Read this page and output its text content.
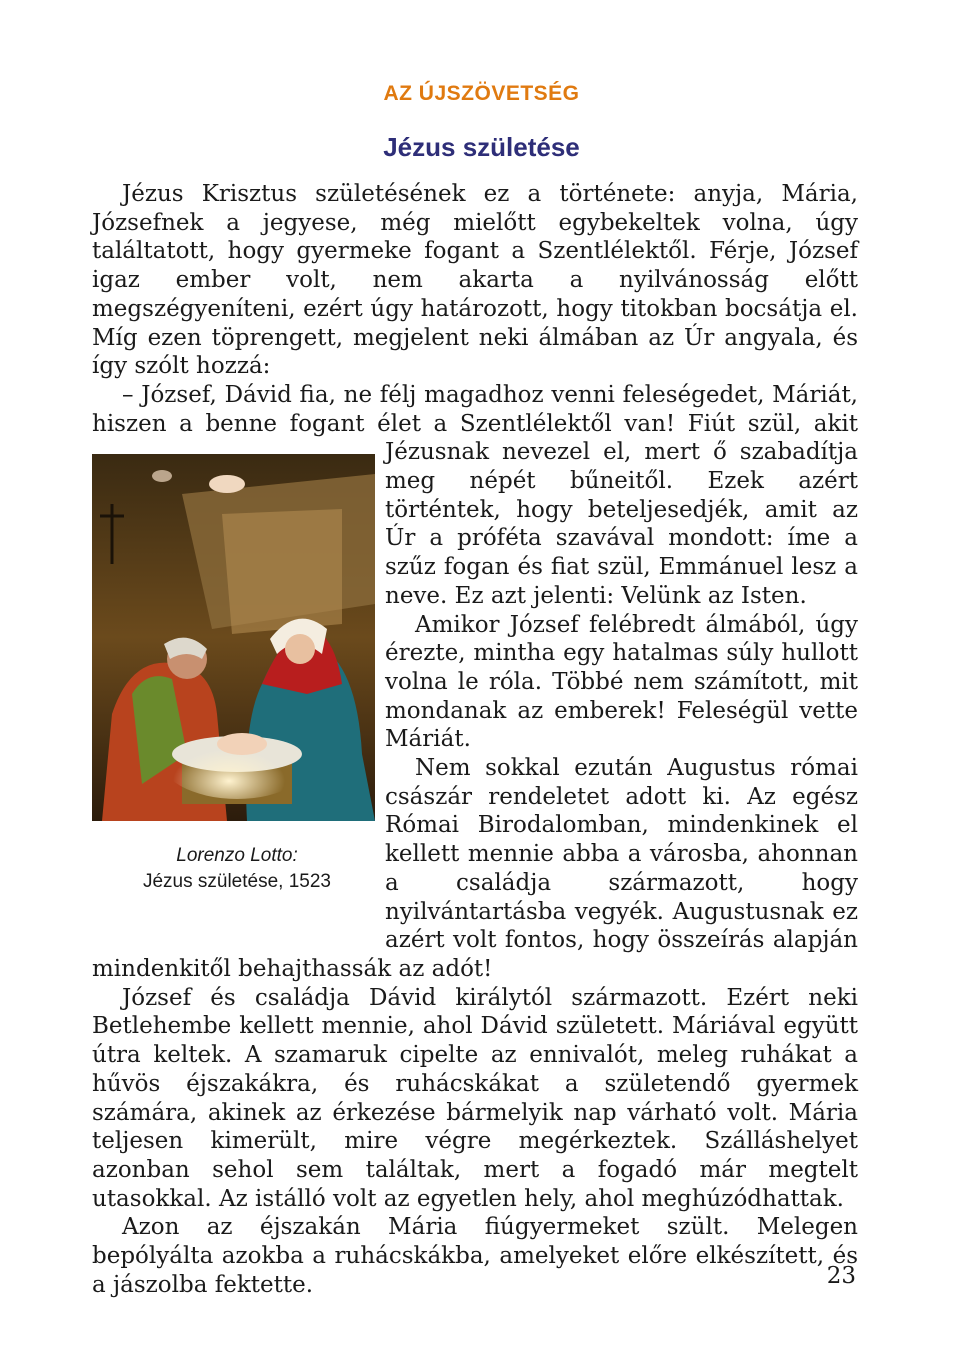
AZ ÚJSZÖVETSÉG
Jézus születése

Jézus Krisztus születésének ez a története: anyja, Mária, Józsefnek a jegyese, még mielőtt egybekeltek volna, úgy találtatott, hogy gyermeke fogant a Szentlélektől. Férje, József igaz ember volt, nem akarta a nyilvánosság előtt megszégyeníteni, ezért úgy határozott, hogy titokban bocsátja el. Míg ezen töprengett, megjelent neki álmában az Úr angyala, és így szólt hozzá:

– József, Dávid fia, ne félj magadhoz venni feleségedet, Máriát, hiszen a benne fogant élet a Szentlélektől van! Fiút szül, akit
Lorenzo Lotto:
Jézus születése, 1523
Jézusnak nevezel el, mert ő szabadítja meg népét bűneitől. Ezek azért történtek, hogy beteljesedjék, amit az Úr a próféta szavával mondott: íme a szűz fogan és fiat szül, Emmánuel lesz a neve. Ez azt jelenti: Velünk az Isten.

Amikor József felébredt álmából, úgy érezte, mintha egy hatalmas súly hullott volna le róla. Többé nem számított, mit mondanak az emberek! Feleségül vette Máriát.

Nem sokkal ezután Augustus római császár rendeletet adott ki. Az egész Római Birodalomban, mindenkinek el kellett mennie abba a városba, ahonnan a családja származott, hogy nyilvántartásba vegyék. Augustusnak ez azért volt fontos, hogy összeírás alapján mindenkitől behajthassák az adót!

József és családja Dávid királytól származott. Ezért neki Betlehembe kellett mennie, ahol Dávid született. Máriával együtt útra keltek. A szamaruk cipelte az ennivalót, meleg ruhákat a hűvös éjszakákra, és ruhácskákat a születendő gyermek számára, akinek az érkezése bármelyik nap várható volt. Mária teljesen kimerült, mire végre megérkeztek. Szálláshelyet azonban sehol sem találtak, mert a fogadó már megtelt utasokkal. Az istálló volt az egyetlen hely, ahol meghúzódhattak.

Azon az éjszakán Mária fiúgyermeket szült. Melegen bepólyálta azokba a ruhácskákba, amelyeket előre elkészített, és a jászolba fektette.	23
